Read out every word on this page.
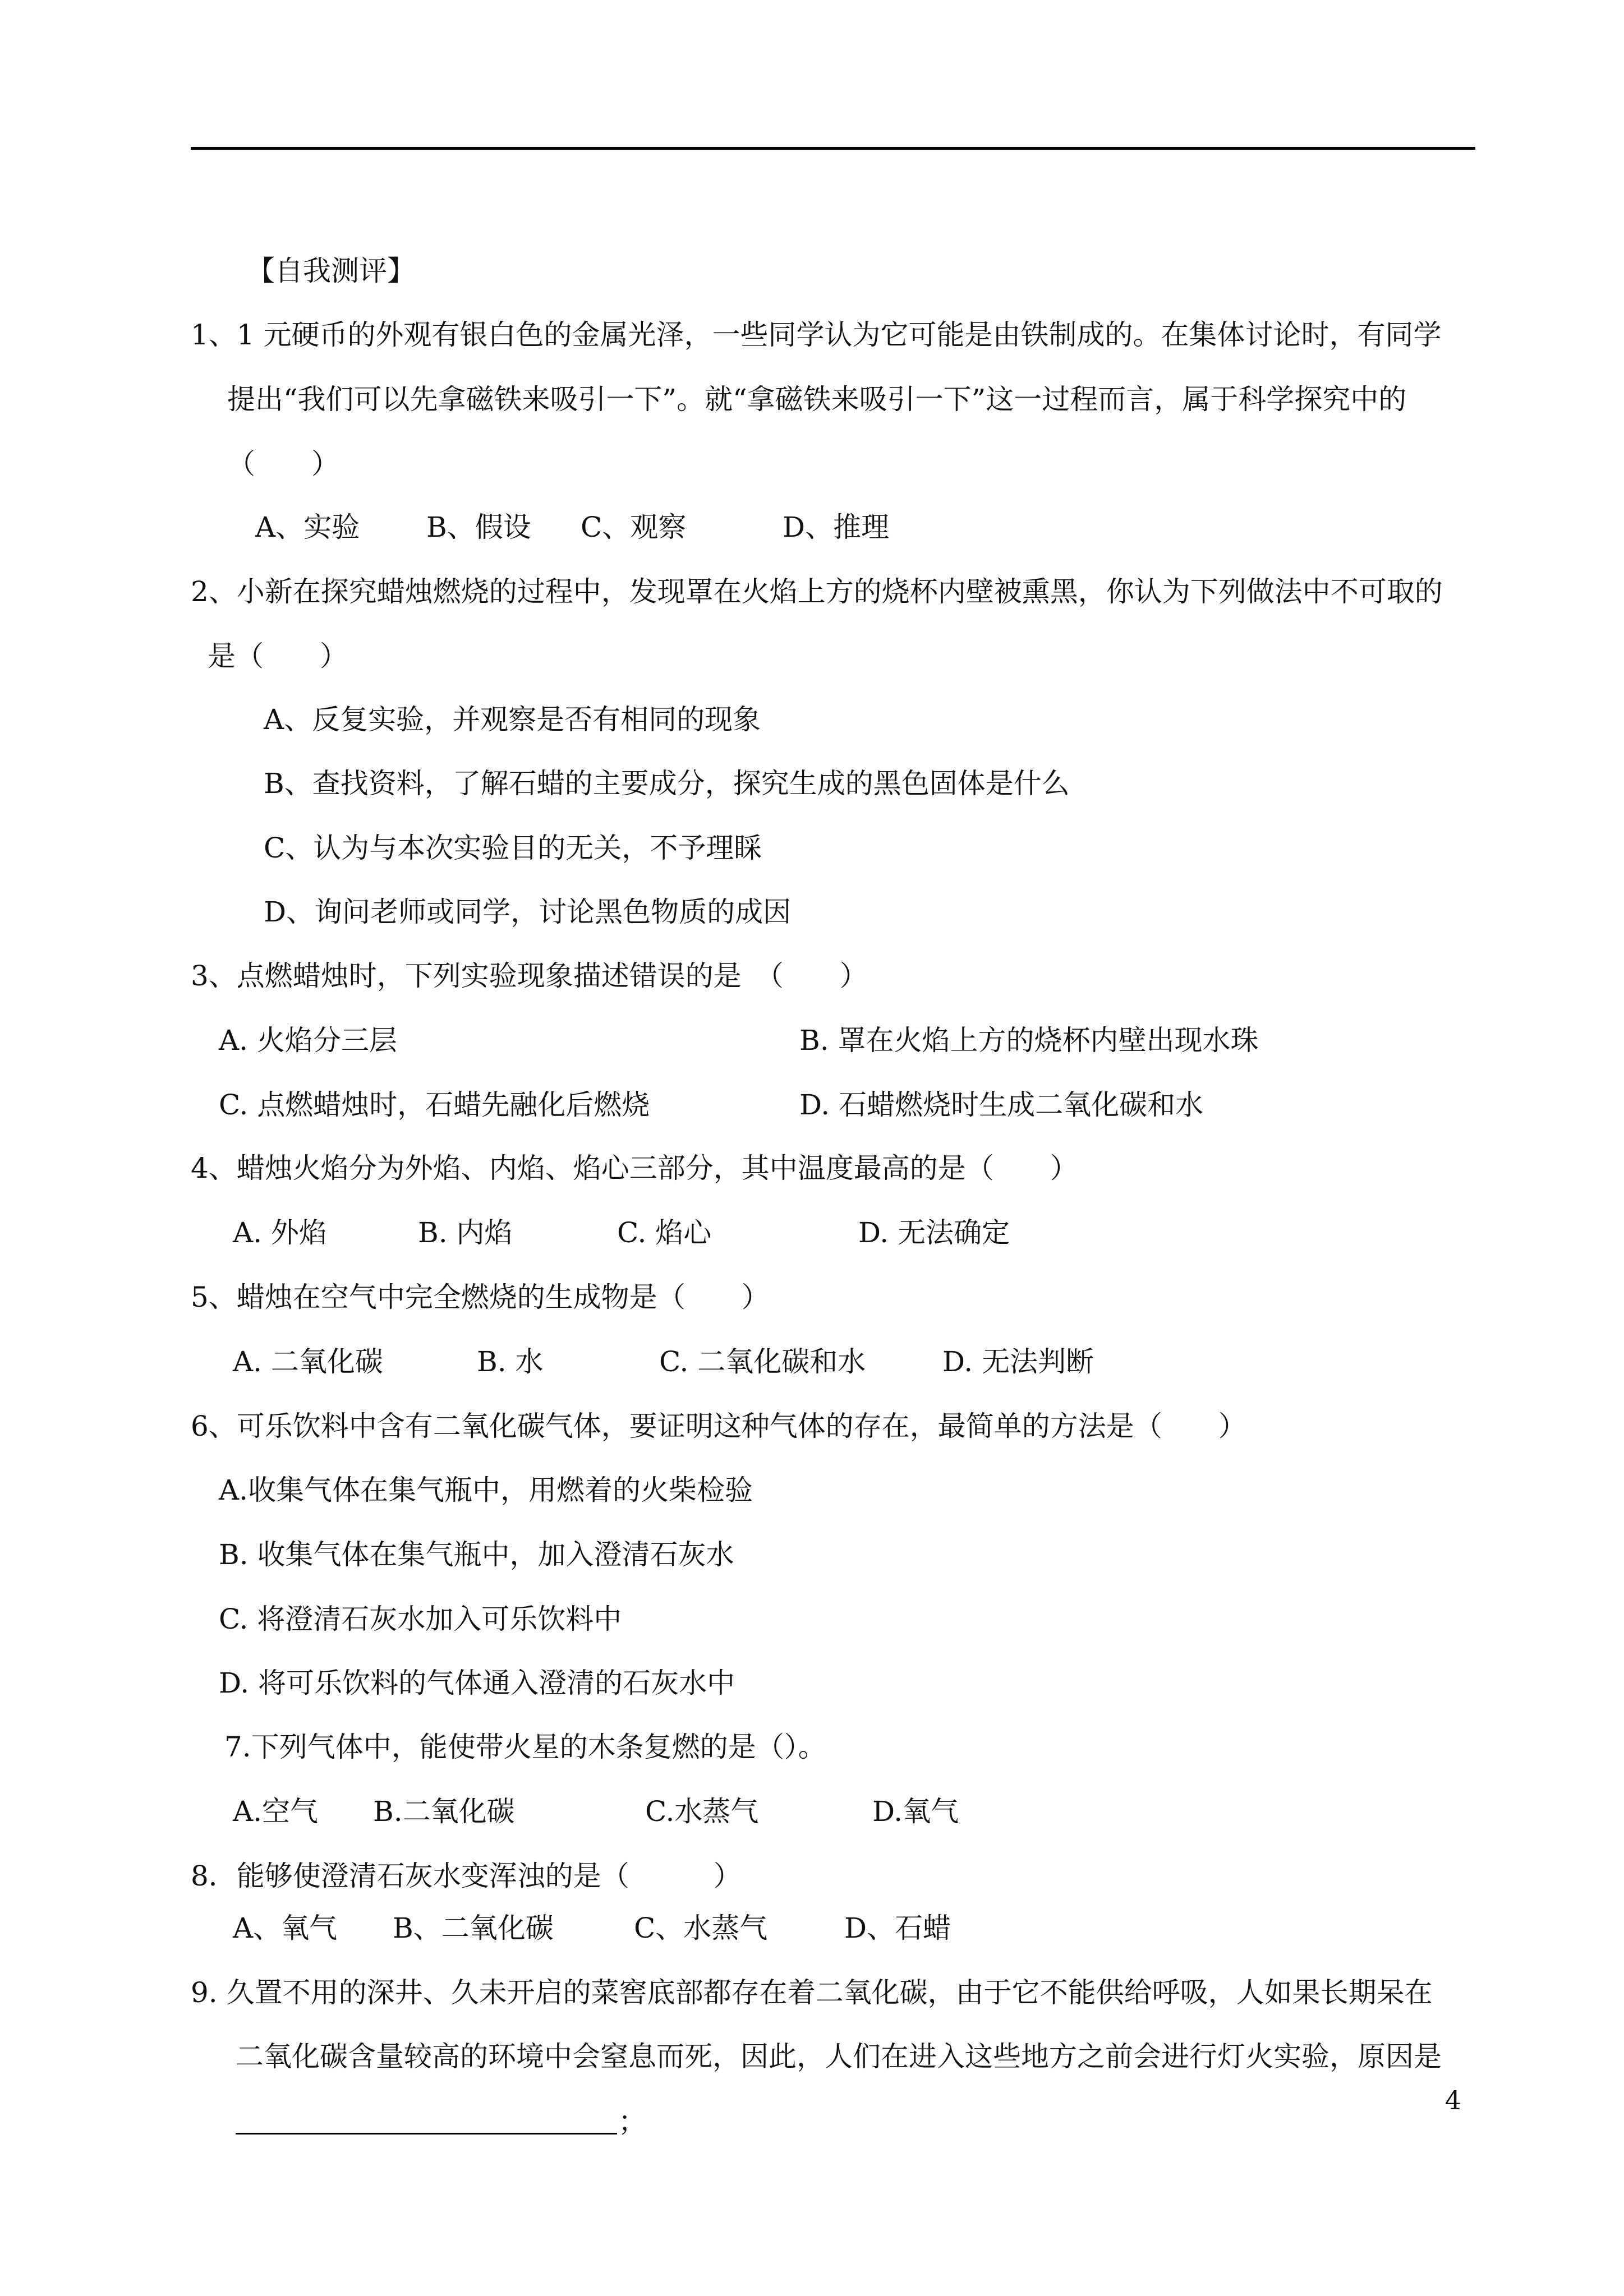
【自我测评】
1、1 元硬币的外观有银白色的金属光泽，一些同学认为它可能是由铁制成的。在集体讨论时，有同学
提出“我们可以先拿磁铁来吸引一下”。就“拿磁铁来吸引一下”这一过程而言，属于科学探究中的
（　　）
A、实验 B、假设 C、观察	D、推理
2、小新在探究蜡烛燃烧的过程中，发现罩在火焰上方的烧杯内壁被熏黑，你认为下列做法中不可取的
是（　　）
A、反复实验，并观察是否有相同的现象
B、查找资料，了解石蜡的主要成分，探究生成的黑色固体是什么
C、认为与本次实验目的无关，不予理睬
D、询问老师或同学，讨论黑色物质的成因
3、点燃蜡烛时，下列实验现象描述错误的是　（　　）
A. 火焰分三层	B. 罩在火焰上方的烧杯内壁出现水珠
C. 点燃蜡烛时，石蜡先融化后燃烧	D. 石蜡燃烧时生成二氧化碳和水
4、蜡烛火焰分为外焰、内焰、焰心三部分，其中温度最高的是（　　）
A. 外焰	B. 内焰	C. 焰心	D. 无法确定
5、蜡烛在空气中完全燃烧的生成物是（　　）
A. 二氧化碳	B. 水	C. 二氧化碳和水	D. 无法判断
6、可乐饮料中含有二氧化碳气体，要证明这种气体的存在，最简单的方法是（　　）
A.收集气体在集气瓶中，用燃着的火柴检验
B. 收集气体在集气瓶中，加入澄清石灰水
C. 将澄清石灰水加入可乐饮料中
D. 将可乐饮料的气体通入澄清的石灰水中
7.下列气体中，能使带火星的木条复燃的是（）。
A.空气 B.二氧化碳	C.水蒸气	D.氧气
8．能够使澄清石灰水变浑浊的是（　　　）
A、氧气 B、二氧化碳	C、水蒸气	D、石蜡
9. 久置不用的深井、久未开启的菜窖底部都存在着二氧化碳，由于它不能供给呼吸，人如果长期呆在
二氧化碳含量较高的环境中会窒息而死，因此，人们在进入这些地方之前会进行灯火实验，原因是
；
4
